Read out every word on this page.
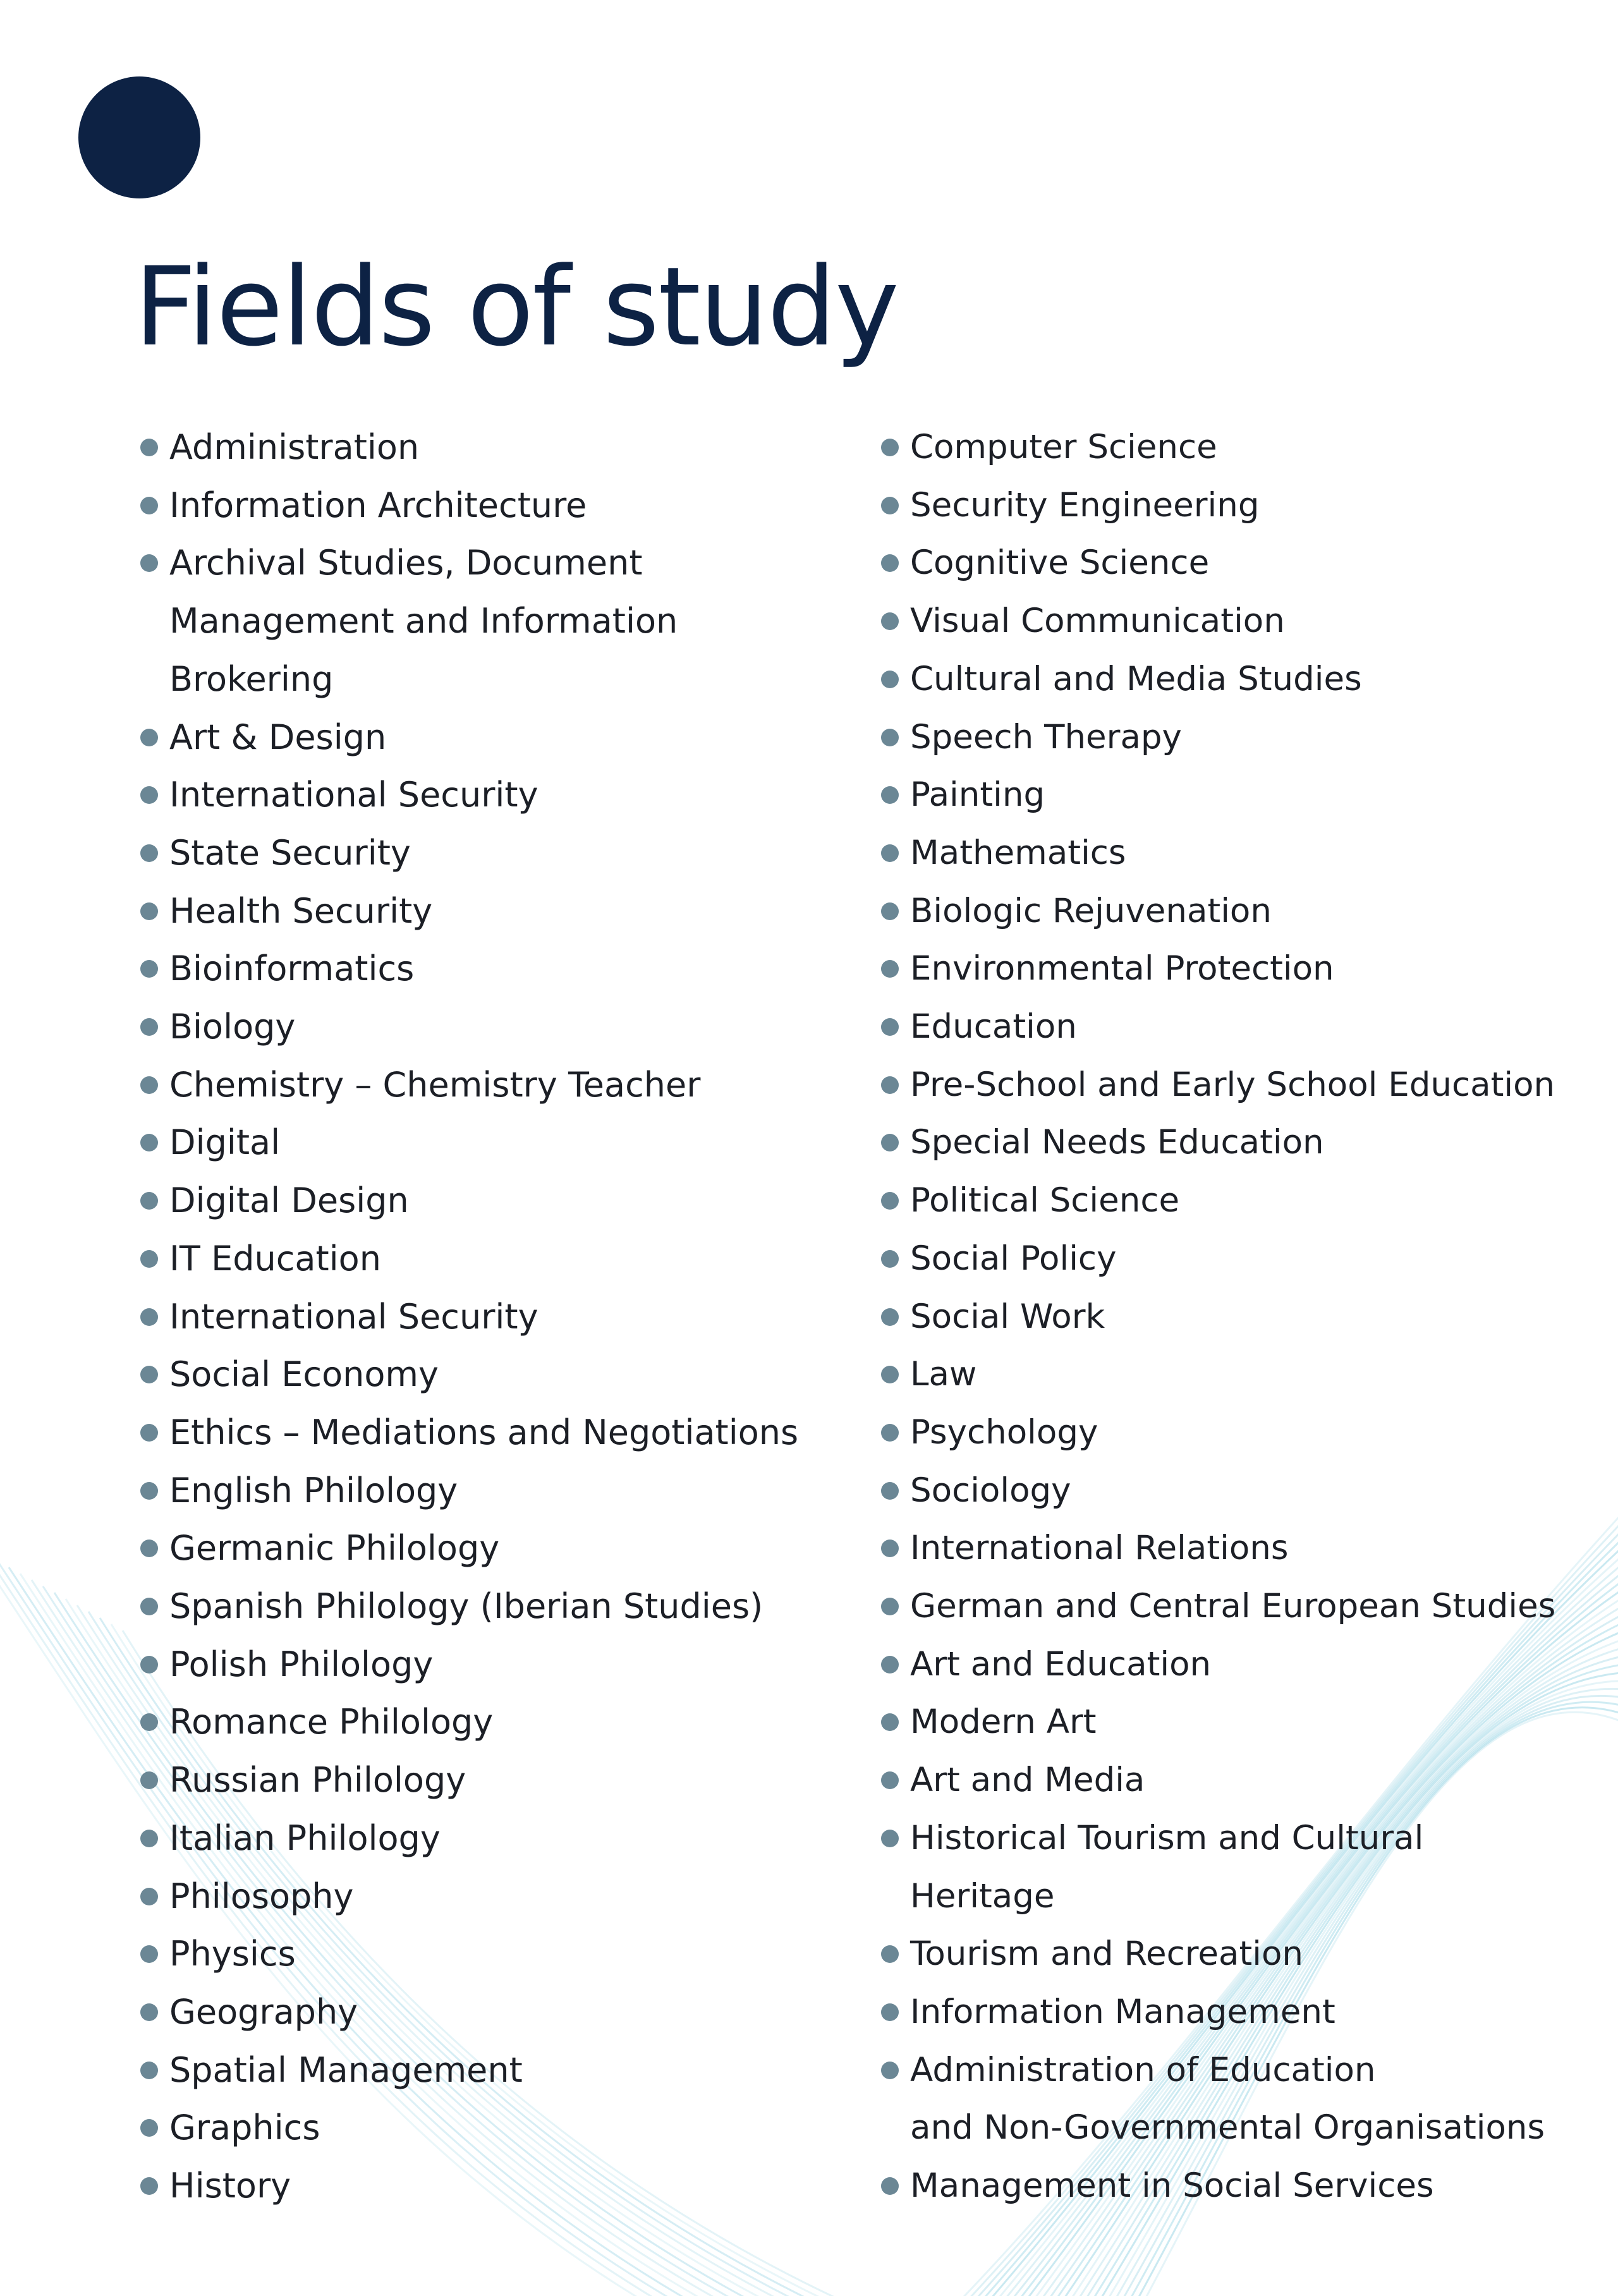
Fields of study
Administration
Information Architecture
Archival Studies, Document
Management and Information
Brokering
Art & Design
International Security
State Security
Health Security
Bioinformatics
Biology
Chemistry – Chemistry Teacher
Digital
Digital Design
IT Education
International Security
Social Economy
Ethics – Mediations and Negotiations
English Philology
Germanic Philology
Spanish Philology (Iberian Studies)
Polish Philology
Romance Philology
Russian Philology
Italian Philology
Philosophy
Physics
Geography
Spatial Management
Graphics
History
Computer Science
Security Engineering
Cognitive Science
Visual Communication
Cultural and Media Studies
Speech Therapy
Painting
Mathematics
Biologic Rejuvenation
Environmental Protection
Education
Pre-School and Early School Education
Special Needs Education
Political Science
Social Policy
Social Work
Law
Psychology
Sociology
International Relations
German and Central European Studies
Art and Education
Modern Art
Art and Media
Historical Tourism and Cultural
Heritage
Tourism and Recreation
Information Management
Administration of Education
and Non-Governmental Organisations
Management in Social Services
